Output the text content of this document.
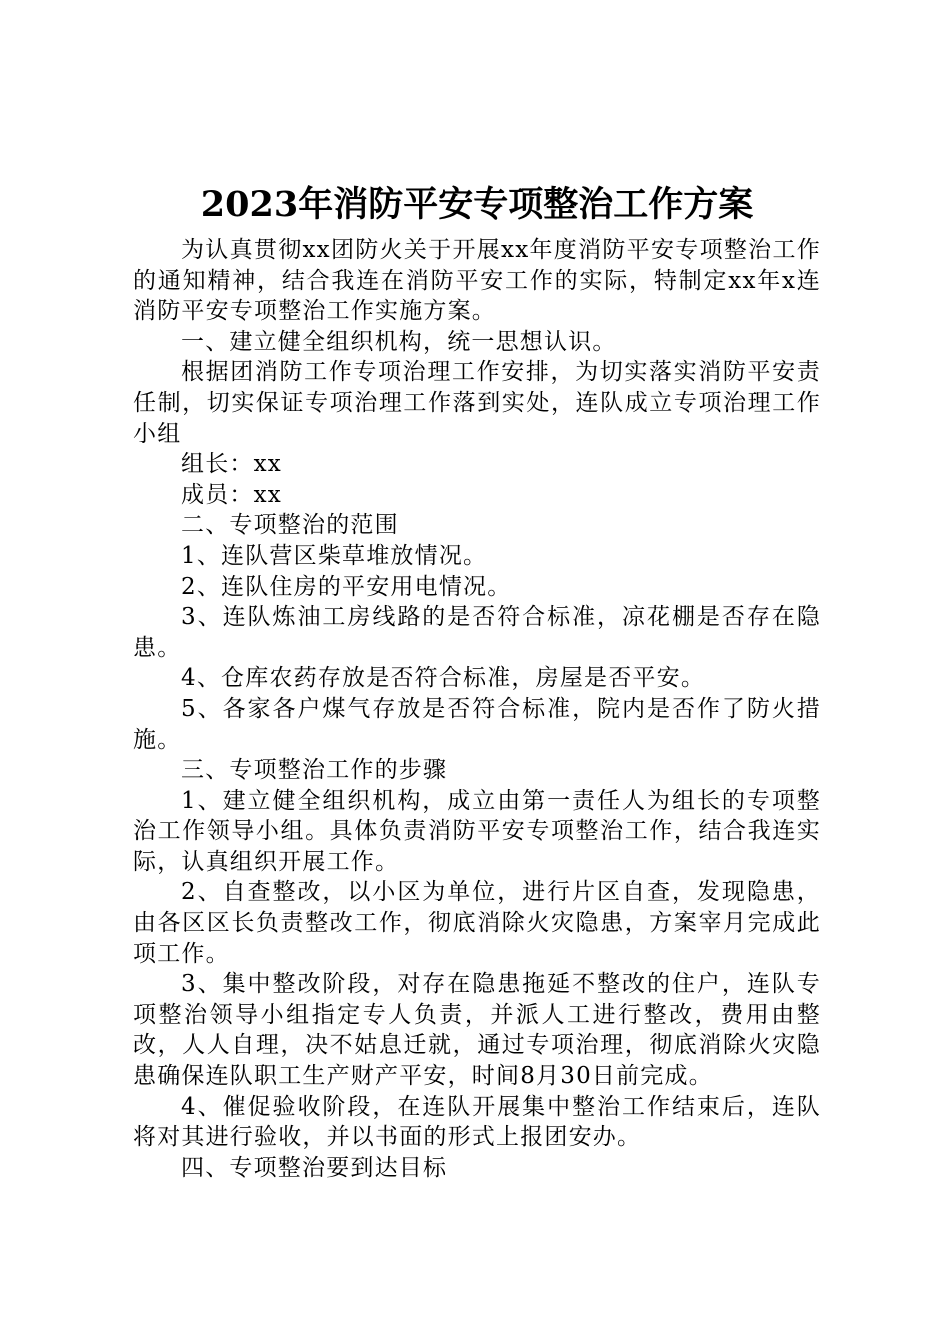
2023年消防平安专项整治工作方案

为认真贯彻xx团防火关于开展xx年度消防平安专项整治工作的通知精神，结合我连在消防平安工作的实际，特制定xx年x连消防平安专项整治工作实施方案。

一、建立健全组织机构，统一思想认识。

根据团消防工作专项治理工作安排，为切实落实消防平安责任制，切实保证专项治理工作落到实处，连队成立专项治理工作小组

组长：xx

成员：xx

二、专项整治的范围

1、连队营区柴草堆放情况。

2、连队住房的平安用电情况。

3、连队炼油工房线路的是否符合标准，凉花棚是否存在隐患。

4、仓库农药存放是否符合标准，房屋是否平安。

5、各家各户煤气存放是否符合标准，院内是否作了防火措施。

三、专项整治工作的步骤

1、建立健全组织机构，成立由第一责任人为组长的专项整治工作领导小组。具体负责消防平安专项整治工作，结合我连实际，认真组织开展工作。

2、自查整改，以小区为单位，进行片区自查，发现隐患，由各区区长负责整改工作，彻底消除火灾隐患，方案宰月完成此项工作。

3、集中整改阶段，对存在隐患拖延不整改的住户，连队专项整治领导小组指定专人负责，并派人工进行整改，费用由整改，人人自理，决不姑息迁就，通过专项治理，彻底消除火灾隐患确保连队职工生产财产平安，时间8月30日前完成。

4、催促验收阶段，在连队开展集中整治工作结束后，连队将对其进行验收，并以书面的形式上报团安办。

四、专项整治要到达目标
